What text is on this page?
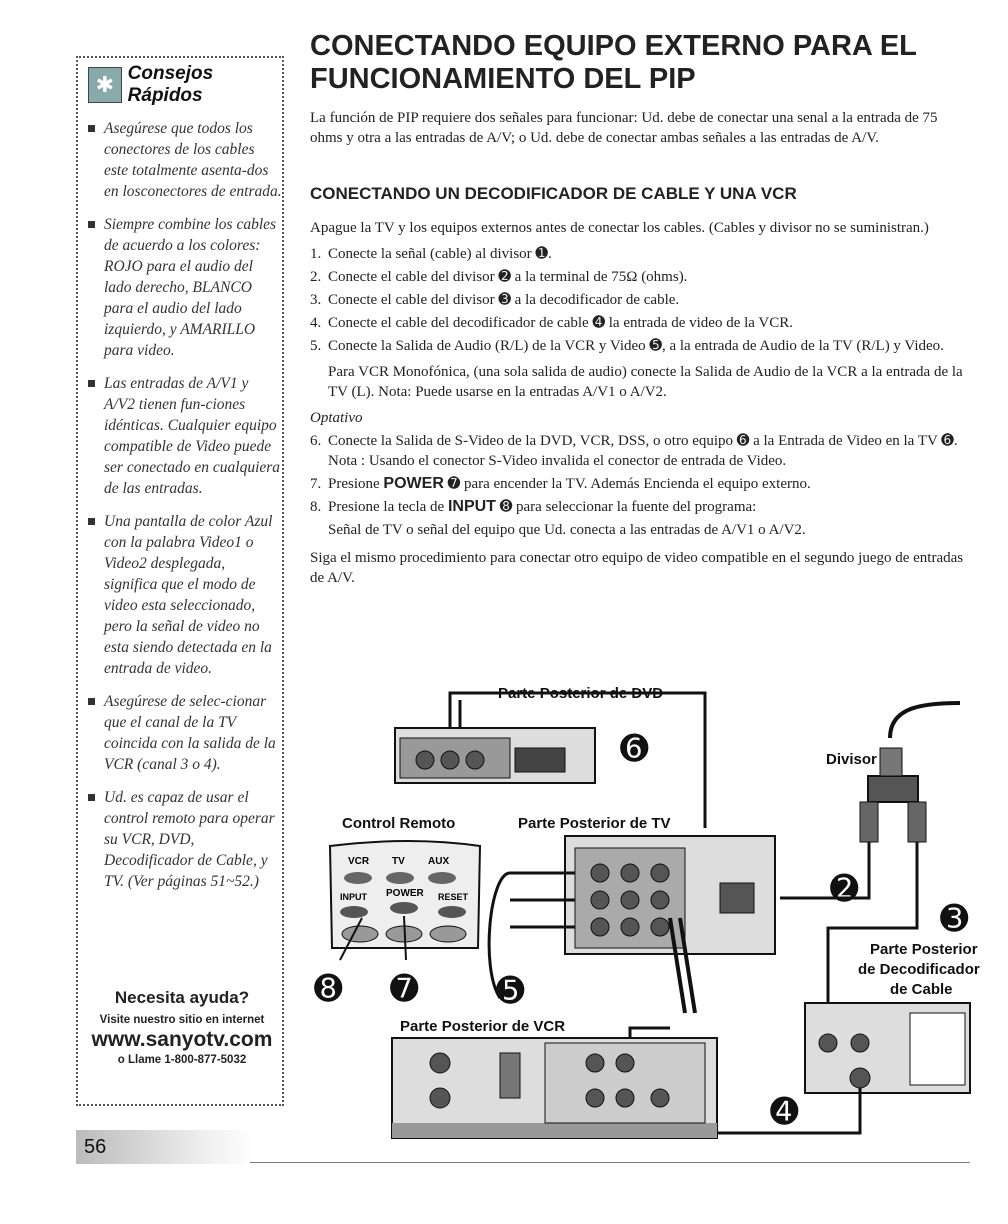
✱ Consejos Rápidos
Asegúrese que todos los conectores de los cables este totalmente asenta-dos en losconectores de entrada.
Siempre combine los cables de acuerdo a los colores: ROJO para el audio del lado derecho, BLANCO para el audio del lado izquierdo, y AMARILLO para video.
Las entradas de A/V1 y A/V2 tienen fun-ciones idénticas. Cualquier equipo compatible de Video puede ser conectado en cualquiera de las entradas.
Una pantalla de color Azul con la palabra Video1 o Video2 desplegada, significa que el modo de video esta seleccionado, pero la señal de video no esta siendo detectada en la entrada de video.
Asegúrese de selec-cionar que el canal de la TV coincida con la salida de la VCR (canal 3 o 4).
Ud. es capaz de usar el control remoto para operar su VCR, DVD, Decodificador de Cable, y TV. (Ver páginas 51~52.)
Necesita ayuda?
Visite nuestro sitio en internet
www.sanyotv.com
o Llame 1-800-877-5032
56
CONECTANDO EQUIPO EXTERNO PARA EL FUNCIONAMIENTO DEL PIP

La función de PIP requiere dos señales para funcionar: Ud. debe de conectar una senal a la entrada de 75 ohms y otra a las entradas de A/V; o Ud. debe de conectar ambas señales a las entradas de A/V.

CONECTANDO UN DECODIFICADOR DE CABLE Y UNA VCR

Apague la TV y los equipos externos antes de conectar los cables. (Cables y divisor no se suministran.)

1. Conecte la señal (cable) al divisor ➊.
2. Conecte el cable del divisor ➋ a la terminal de 75Ω (ohms).
3. Conecte el cable del divisor ➌ a la decodificador de cable.
4. Conecte el cable del decodificador de cable ➍ la entrada de video de la VCR.
5. Conecte la Salida de Audio (R/L) de la VCR y Video ➎, a la entrada de Audio de la TV (R/L) y Video.

Para VCR Monofónica, (una sola salida de audio) conecte la Salida de Audio de la VCR a la entrada de la TV (L). Nota: Puede usarse en la entradas A/V1 o A/V2.

Optativo

6. Conecte la Salida de S-Video de la DVD, VCR, DSS, o otro equipo ➏ a la Entrada de Video en la TV ➏. Nota : Usando el conector S-Video invalida el conector de entrada de Video.
7. Presione POWER ➐ para encender la TV. Además Encienda el equipo externo.
8. Presione la tecla de INPUT ➑ para seleccionar la fuente del programa:

Señal de TV o señal del equipo que Ud. conecta a las entradas de A/V1 o A/V2.

Siga el mismo procedimiento para conectar otro equipo de video compatible en el segundo juego de entradas de A/V.

Parte Posterior de DVD
➏	Divisor
➋
➌
Control Remoto
VCR TV AUX
INPUT POWER RESET
➑ ➐
Parte Posterior de TV
➎
Parte Posterior
de Decodificador
de Cable
➍
Parte Posterior de VCR
